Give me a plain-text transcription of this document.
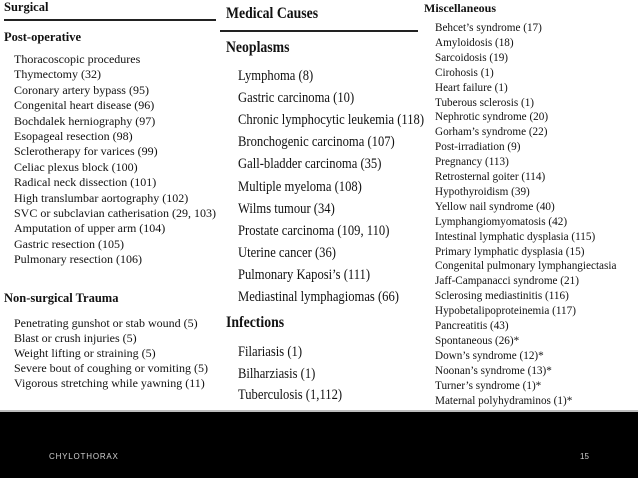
Surgical
Post-operative
Thoracoscopic procedures
Thymectomy (32)
Coronary artery bypass (95)
Congenital heart disease (96)
Bochdalek herniography (97)
Esopageal resection (98)
Sclerotherapy for varices (99)
Celiac plexus block (100)
Radical neck dissection (101)
High translumbar aortography (102)
SVC or subclavian catherisation (29, 103)
Amputation of upper arm (104)
Gastric resection (105)
Pulmonary resection (106)
Non-surgical Trauma
Penetrating gunshot or stab wound (5)
Blast or crush injuries (5)
Weight lifting or straining (5)
Severe bout of coughing or vomiting (5)
Vigorous stretching while yawning (11)
Medical Causes
Neoplasms
Lymphoma (8)
Gastric carcinoma (10)
Chronic lymphocytic leukemia (118)
Bronchogenic carcinoma (107)
Gall-bladder carcinoma (35)
Multiple myeloma (108)
Wilms tumour (34)
Prostate carcinoma (109, 110)
Uterine cancer (36)
Pulmonary Kaposi’s (111)
Mediastinal lymphagiomas (66)
Infections
Filariasis (1)
Bilharziasis (1)
Tuberculosis (1,112)
Miscellaneous
Behcet’s syndrome (17)
Amyloidosis (18)
Sarcoidosis (19)
Cirohosis (1)
Heart failure (1)
Tuberous sclerosis (1)
Nephrotic syndrome (20)
Gorham’s syndrome (22)
Post-irradiation (9)
Pregnancy (113)
Retrosternal goiter (114)
Hypothyroidism (39)
Yellow nail syndrome (40)
Lymphangiomyomatosis (42)
Intestinal lymphatic dysplasia (115)
Primary lymphatic dysplasia (15)
Congenital pulmonary lymphangiectasia
Jaff-Campanacci syndrome (21)
Sclerosing mediastinitis (116)
Hypobetalipoproteinemia (117)
Pancreatitis (43)
Spontaneous (26)*
Down’s syndrome (12)*
Noonan’s syndrome (13)*
Turner’s syndrome (1)*
Maternal polyhydraminos (1)*
CHYLOTHORAX	15
